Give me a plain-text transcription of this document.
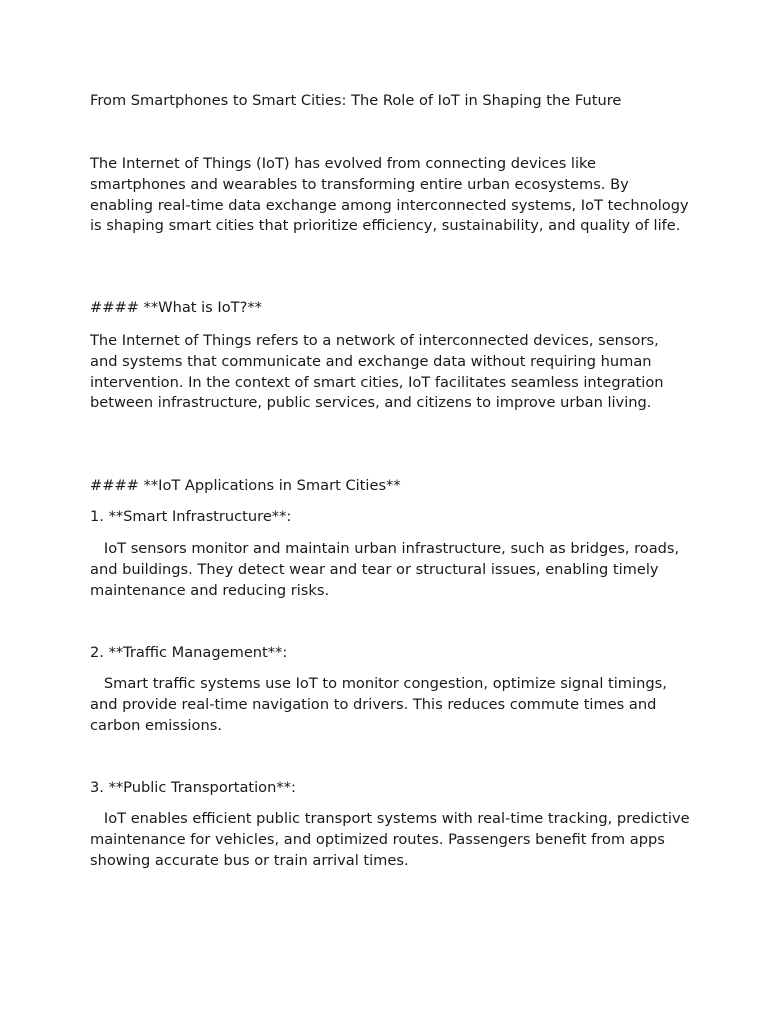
From Smartphones to Smart Cities: The Role of IoT in Shaping the Future

The Internet of Things (IoT) has evolved from connecting devices like smartphones and wearables to transforming entire urban ecosystems. By enabling real-time data exchange among interconnected systems, IoT technology is shaping smart cities that prioritize efficiency, sustainability, and quality of life.

#### **What is IoT?**

The Internet of Things refers to a network of interconnected devices, sensors, and systems that communicate and exchange data without requiring human intervention. In the context of smart cities, IoT facilitates seamless integration between infrastructure, public services, and citizens to improve urban living.

#### **IoT Applications in Smart Cities**

1. **Smart Infrastructure**:

IoT sensors monitor and maintain urban infrastructure, such as bridges, roads, and buildings. They detect wear and tear or structural issues, enabling timely maintenance and reducing risks.

2. **Traffic Management**:

Smart traffic systems use IoT to monitor congestion, optimize signal timings, and provide real-time navigation to drivers. This reduces commute times and carbon emissions.

3. **Public Transportation**:

IoT enables efficient public transport systems with real-time tracking, predictive maintenance for vehicles, and optimized routes. Passengers benefit from apps showing accurate bus or train arrival times.
